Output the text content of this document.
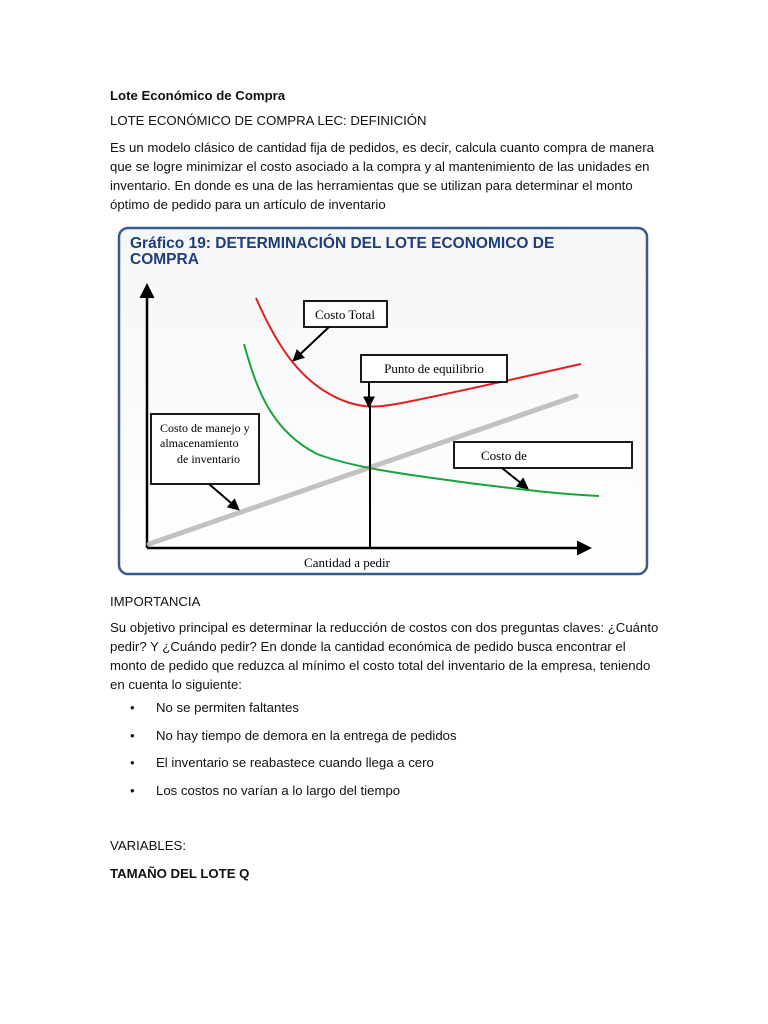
Lote Económico de Compra

LOTE ECONÓMICO DE COMPRA LEC: DEFINICIÓN

Es un modelo clásico de cantidad fija de pedidos, es decir, calcula cuanto compra de manera que se logre minimizar el costo asociado a la compra y al mantenimiento de las unidades en inventario. En donde es una de las herramientas que se utilizan para determinar el monto óptimo de pedido para un artículo de inventario

Gráfico 19: DETERMINACIÓN DEL LOTE ECONOMICO DE
COMPRA
Costo Total
Punto de equilibrio
Costo de manejo y
almacenamiento
de inventario	Costo de
Cantidad a pedir

IMPORTANCIA

Su objetivo principal es determinar la reducción de costos con dos preguntas claves: ¿Cuánto pedir? Y ¿Cuándo pedir? En donde la cantidad económica de pedido busca encontrar el monto de pedido que reduzca al mínimo el costo total del inventario de la empresa, teniendo en cuenta lo siguiente:

• No se permiten faltantes
• No hay tiempo de demora en la entrega de pedidos
• El inventario se reabastece cuando llega a cero
• Los costos no varían a lo largo del tiempo

VARIABLES:

TAMAÑO DEL LOTE Q
